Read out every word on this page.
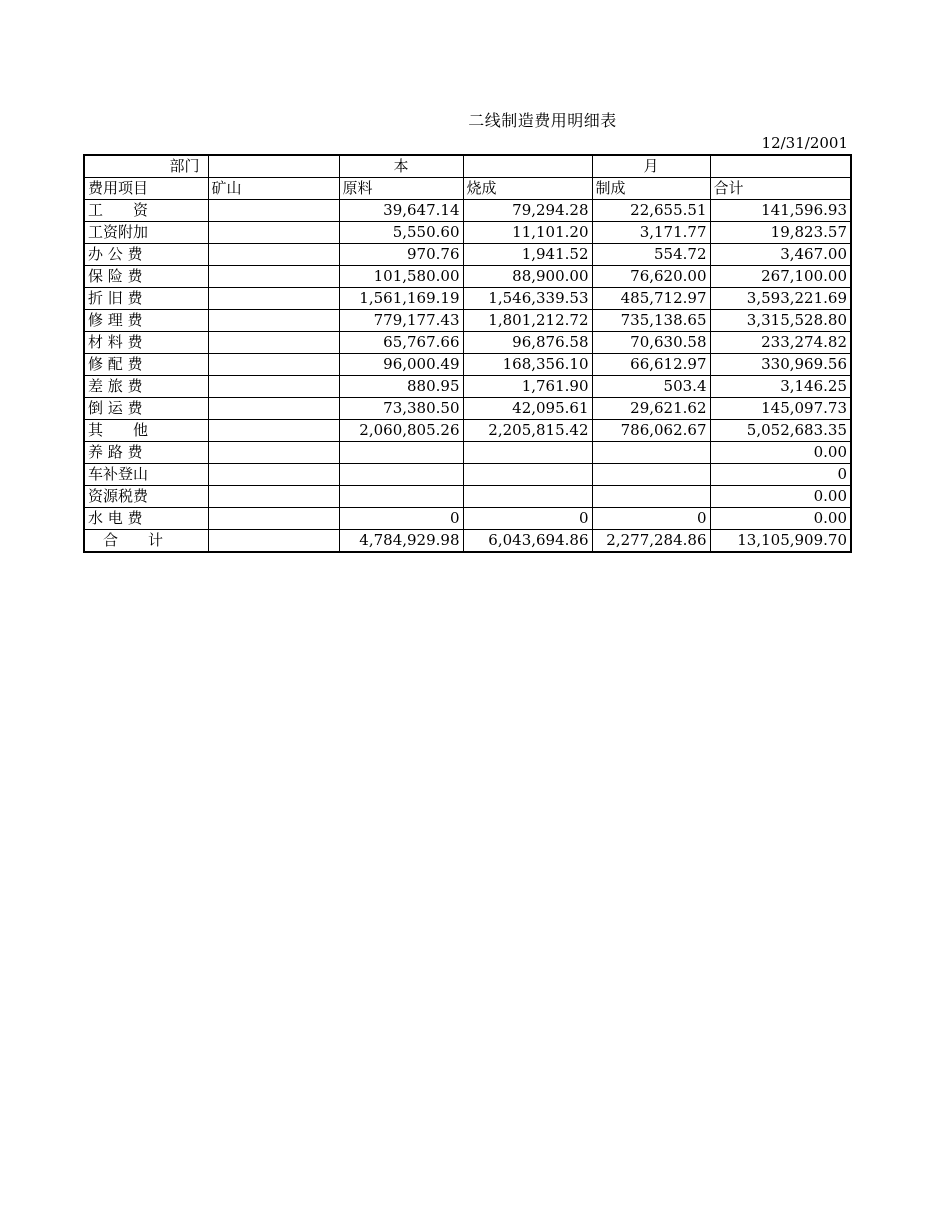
二线制造费用明细表
12/31/2001
部门		本		月	
费用项目	矿山	原料	烧成	制成	合计
工　　资		39,647.14	79,294.28	22,655.51	141,596.93
工资附加		5,550.60	11,101.20	3,171.77	19,823.57
办 公 费		970.76	1,941.52	554.72	3,467.00
保 险 费		101,580.00	88,900.00	76,620.00	267,100.00
折 旧 费		1,561,169.19	1,546,339.53	485,712.97	3,593,221.69
修 理 费		779,177.43	1,801,212.72	735,138.65	3,315,528.80
材 料 费		65,767.66	96,876.58	70,630.58	233,274.82
修 配 费		96,000.49	168,356.10	66,612.97	330,969.56
差 旅 费		880.95	1,761.90	503.4	3,146.25
倒 运 费		73,380.50	42,095.61	29,621.62	145,097.73
其　　他		2,060,805.26	2,205,815.42	786,062.67	5,052,683.35
养 路 费					0.00
车补登山					0
资源税费					0.00
水 电 费		0	0	0	0.00
　合　　计		4,784,929.98	6,043,694.86	2,277,284.86	13,105,909.70
